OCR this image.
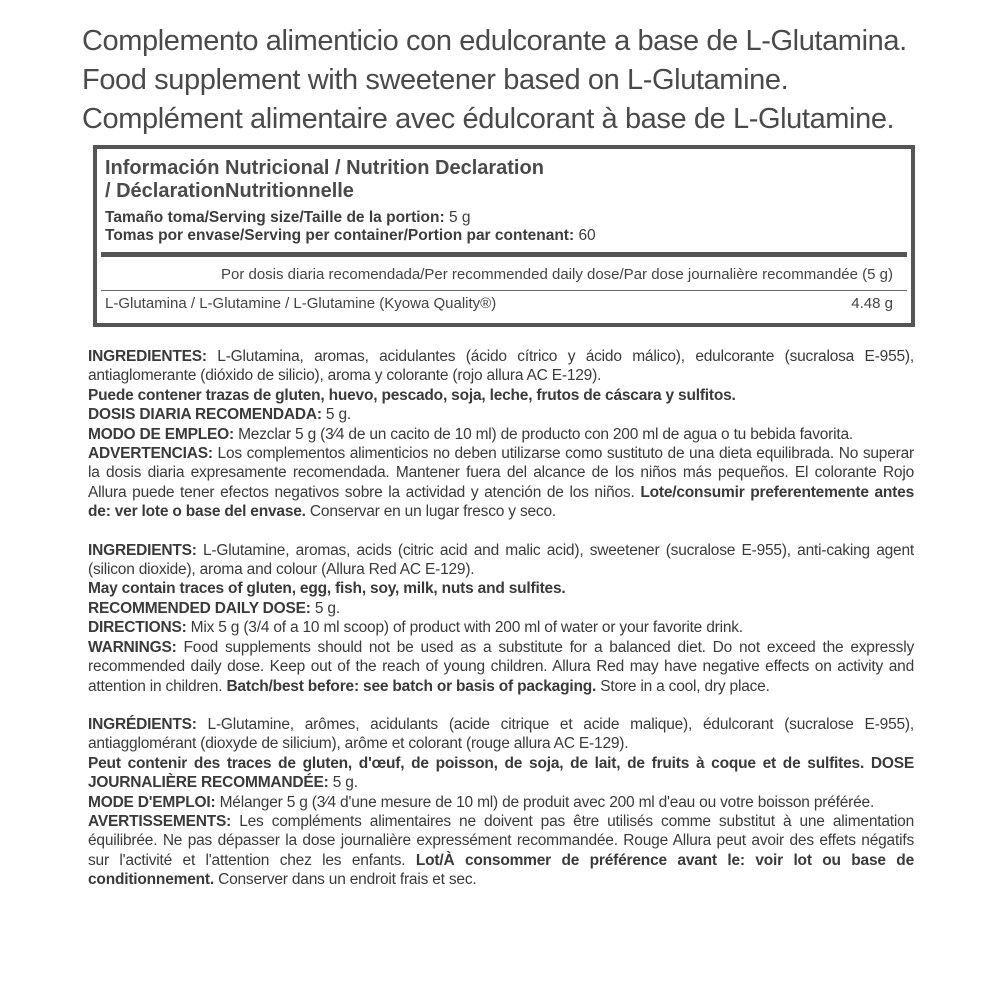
Complemento alimenticio con edulcorante a base de L-Glutamina.
Food supplement with sweetener based on L-Glutamine.
Complément alimentaire avec édulcorant à base de L-Glutamine.
Información Nutricional / Nutrition Declaration
/ DéclarationNutritionnelle
Tamaño toma/Serving size/Taille de la portion: 5 g
Tomas por envase/Serving per container/Portion par contenant: 60
Por dosis diaria recomendada/Per recommended daily dose/Par dose journalière recommandée (5 g)
L-Glutamina / L-Glutamine / L-Glutamine (Kyowa Quality®)	4.48 g

INGREDIENTES: L-Glutamina, aromas, acidulantes (ácido cítrico y ácido málico), edulcorante (sucralosa E-955), antiaglomerante (dióxido de silicio), aroma y colorante (rojo allura AC E-129).

Puede contener trazas de gluten, huevo, pescado, soja, leche, frutos de cáscara y sulfitos.

DOSIS DIARIA RECOMENDADA: 5 g.

MODO DE EMPLEO: Mezclar 5 g (3⁄4 de un cacito de 10 ml) de producto con 200 ml de agua o tu bebida favorita.

ADVERTENCIAS: Los complementos alimenticios no deben utilizarse como sustituto de una dieta equilibrada. No superar la dosis diaria expresamente recomendada. Mantener fuera del alcance de los niños más pequeños. El colorante Rojo Allura puede tener efectos negativos sobre la actividad y atención de los niños. Lote/consumir preferentemente antes de: ver lote o base del envase. Conservar en un lugar fresco y seco.

INGREDIENTS: L-Glutamine, aromas, acids (citric acid and malic acid), sweetener (sucralose E-955), anti-caking agent (silicon dioxide), aroma and colour (Allura Red AC E-129).

May contain traces of gluten, egg, fish, soy, milk, nuts and sulfites.

RECOMMENDED DAILY DOSE: 5 g.

DIRECTIONS: Mix 5 g (3/4 of a 10 ml scoop) of product with 200 ml of water or your favorite drink.

WARNINGS: Food supplements should not be used as a substitute for a balanced diet. Do not exceed the expressly recommended daily dose. Keep out of the reach of young children. Allura Red may have negative effects on activity and attention in children. Batch/best before: see batch or basis of packaging. Store in a cool, dry place.

INGRÉDIENTS: L-Glutamine, arômes, acidulants (acide citrique et acide malique), édulcorant (sucralose E-955), antiagglomérant (dioxyde de silicium), arôme et colorant (rouge allura AC E-129).

Peut contenir des traces de gluten, d'œuf, de poisson, de soja, de lait, de fruits à coque et de sulfites. DOSE JOURNALIÈRE RECOMMANDÉE: 5 g.

MODE D'EMPLOI: Mélanger 5 g (3⁄4 d'une mesure de 10 ml) de produit avec 200 ml d'eau ou votre boisson préférée.

AVERTISSEMENTS: Les compléments alimentaires ne doivent pas être utilisés comme substitut à une alimentation équilibrée. Ne pas dépasser la dose journalière expressément recommandée. Rouge Allura peut avoir des effets négatifs sur l'activité et l'attention chez les enfants. Lot/À consommer de préférence avant le: voir lot ou base de conditionnement. Conserver dans un endroit frais et sec.
